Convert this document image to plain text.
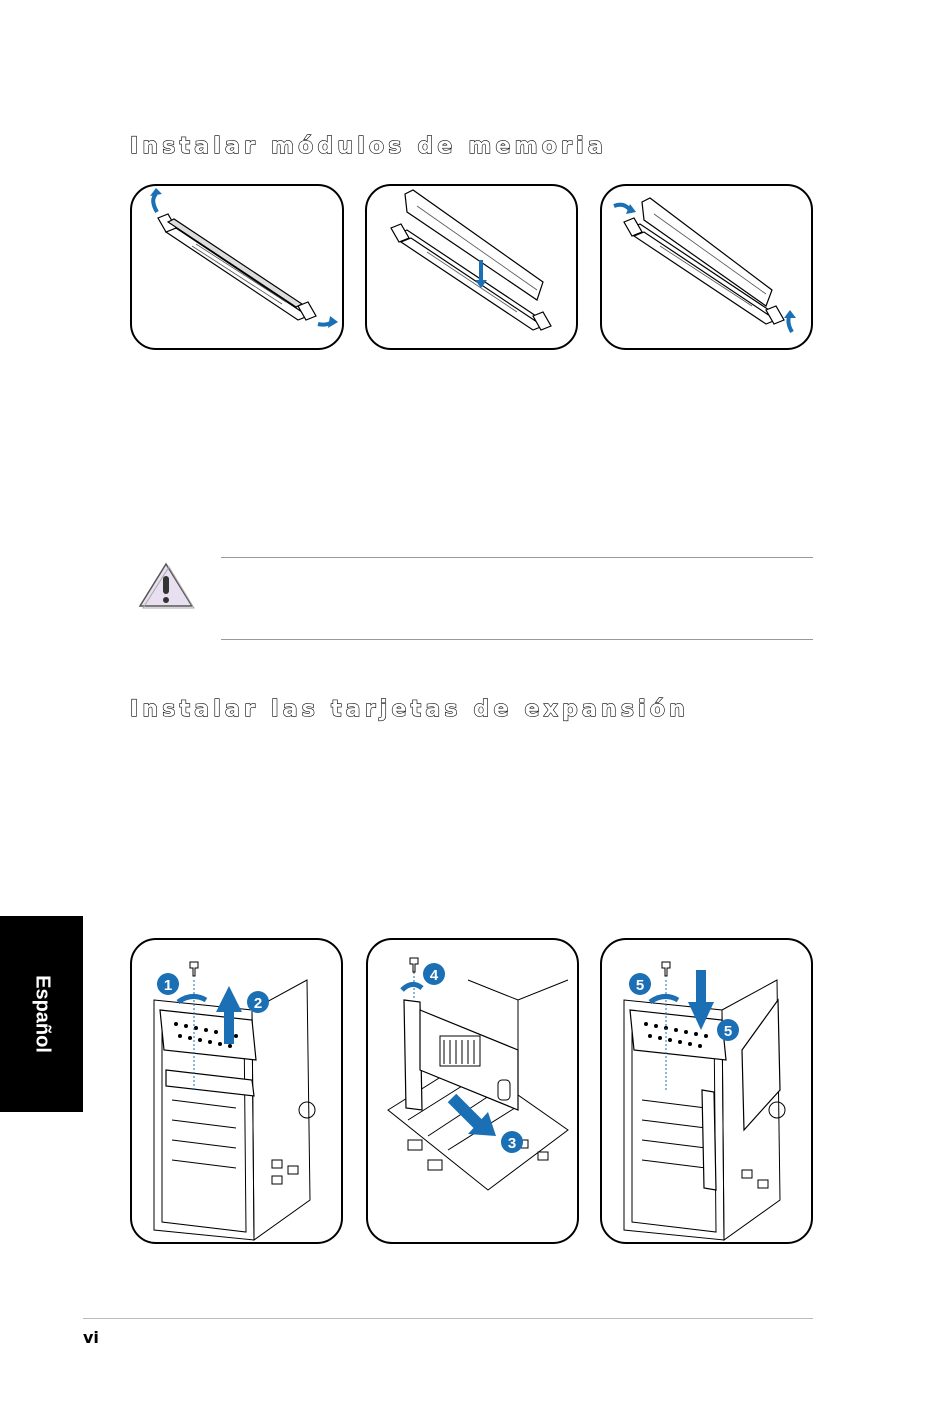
Instalar módulos de memoria
Instalar las tarjetas de expansión
1
2
4
3
5
5
Español
vi
